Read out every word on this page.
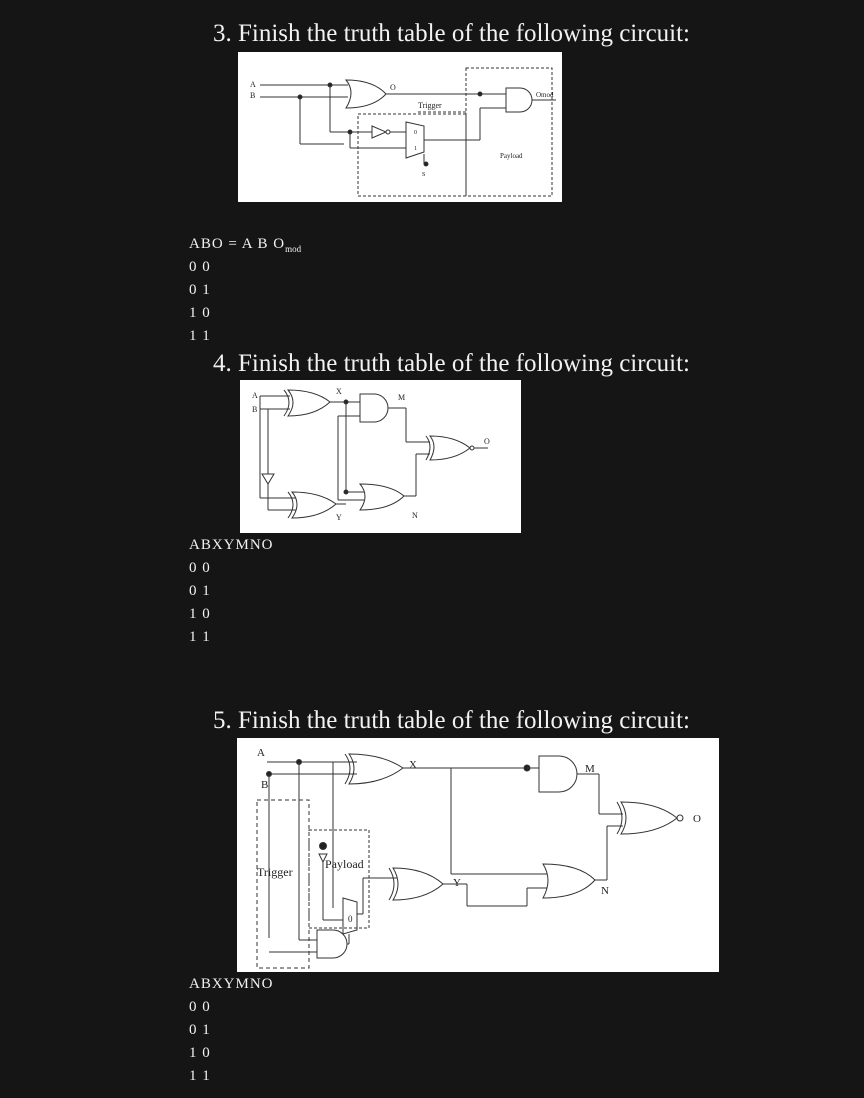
3. Finish the truth table of the following circuit:
A
B
O
Trigger
0
1
S
Payload
Omod
ABO = A B $O_{mod}$
0 0
0 1
1 0
1 1
4. Finish the truth table of the following circuit:
A
B
X
M
O
Y	N
ABXYMNO
0 0
0 1
1 0
1 1
5. Finish the truth table of the following circuit:
A
B
X	M
O
Trigger
Payload
0
Y
N
ABXYMNO
0 0
0 1
1 0
1 1
